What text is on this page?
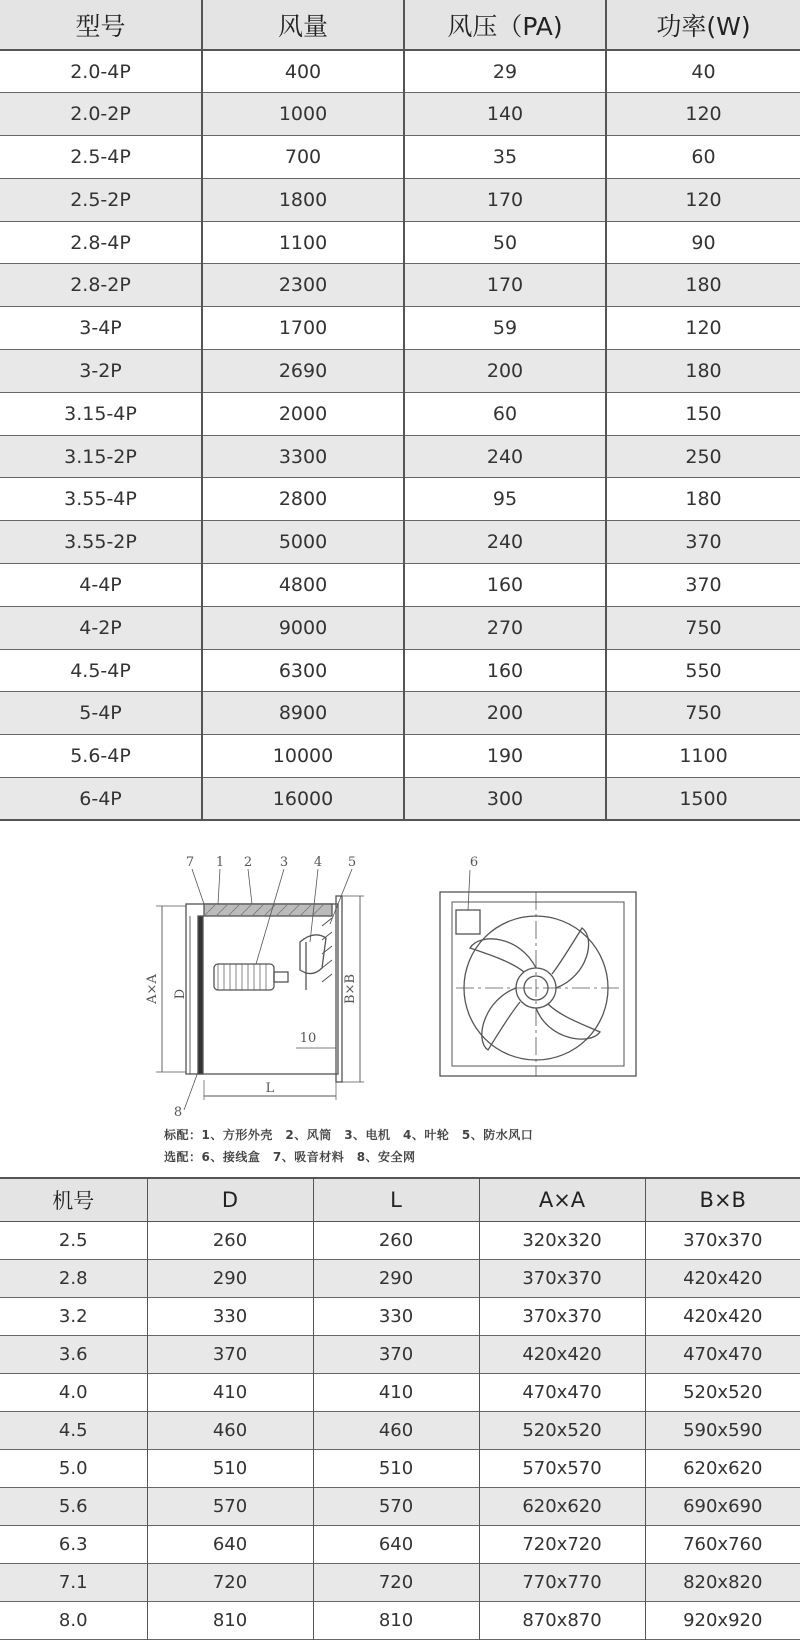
型号	风量	风压（PA)	功率(W)
2.0-4P	400	29	40
2.0-2P	1000	140	120
2.5-4P	700	35	60
2.5-2P	1800	170	120
2.8-4P	1100	50	90
2.8-2P	2300	170	180
3-4P	1700	59	120
3-2P	2690	200	180
3.15-4P	2000	60	150
3.15-2P	3300	240	250
3.55-4P	2800	95	180
3.55-2P	5000	240	370
4-4P	4800	160	370
4-2P	9000	270	750
4.5-4P	6300	160	550
5-4P	8900	200	750
5.6-4P	10000	190	1100
6-4P	16000	300	1500
7 1 2 3 4 5	6
8
A×A D	B×B
10
L
标配：1、方形外壳　2、风筒　3、电机　4、叶轮　5、防水风口
选配：6、接线盒　7、吸音材料　8、安全网
机号	D	L	A×A	B×B
2.5	260	260	320x320	370x370
2.8	290	290	370x370	420x420
3.2	330	330	370x370	420x420
3.6	370	370	420x420	470x470
4.0	410	410	470x470	520x520
4.5	460	460	520x520	590x590
5.0	510	510	570x570	620x620
5.6	570	570	620x620	690x690
6.3	640	640	720x720	760x760
7.1	720	720	770x770	820x820
8.0	810	810	870x870	920x920
